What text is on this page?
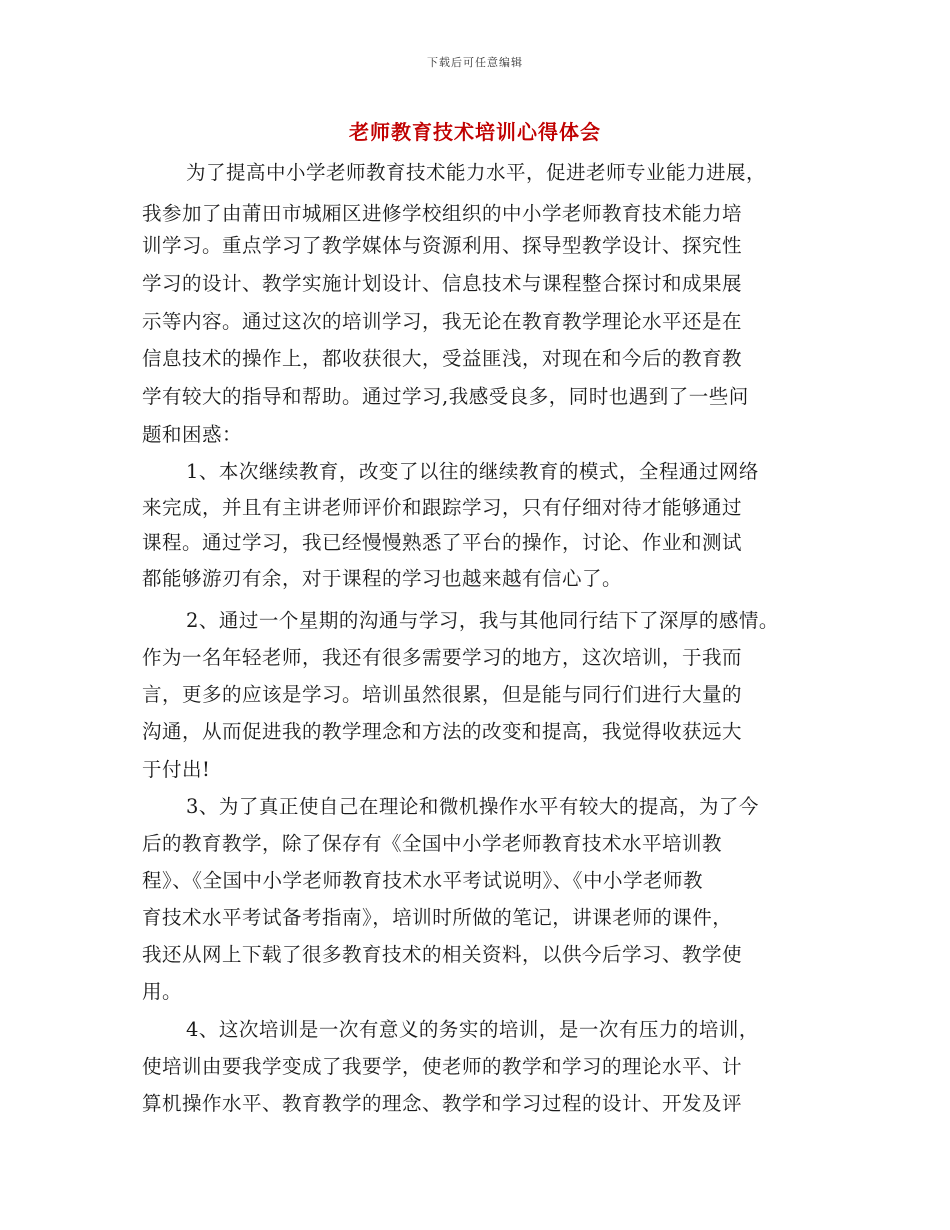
下载后可任意编辑
老师教育技术培训心得体会
为了提高中小学老师教育技术能力水平，促进老师专业能力进展，
我参加了由莆田市城厢区进修学校组织的中小学老师教育技术能力培
训学习。重点学习了教学媒体与资源利用、探导型教学设计、探究性
学习的设计、教学实施计划设计、信息技术与课程整合探讨和成果展
示等内容。通过这次的培训学习，我无论在教育教学理论水平还是在
信息技术的操作上，都收获很大，受益匪浅，对现在和今后的教育教
学有较大的指导和帮助。通过学习,我感受良多，同时也遇到了一些问
题和困惑：
1、本次继续教育，改变了以往的继续教育的模式，全程通过网络
来完成，并且有主讲老师评价和跟踪学习，只有仔细对待才能够通过
课程。通过学习，我已经慢慢熟悉了平台的操作，讨论、作业和测试
都能够游刃有余，对于课程的学习也越来越有信心了。
2、通过一个星期的沟通与学习，我与其他同行结下了深厚的感情。
作为一名年轻老师，我还有很多需要学习的地方，这次培训，于我而
言，更多的应该是学习。培训虽然很累，但是能与同行们进行大量的
沟通，从而促进我的教学理念和方法的改变和提高，我觉得收获远大
于付出!
3、为了真正使自己在理论和微机操作水平有较大的提高，为了今
后的教育教学，除了保存有《全国中小学老师教育技术水平培训教
程》、《全国中小学老师教育技术水平考试说明》、《中小学老师教
育技术水平考试备考指南》，培训时所做的笔记，讲课老师的课件，
我还从网上下载了很多教育技术的相关资料，以供今后学习、教学使
用。
4、这次培训是一次有意义的务实的培训，是一次有压力的培训，
使培训由要我学变成了我要学，使老师的教学和学习的理论水平、计
算机操作水平、教育教学的理念、教学和学习过程的设计、开发及评
